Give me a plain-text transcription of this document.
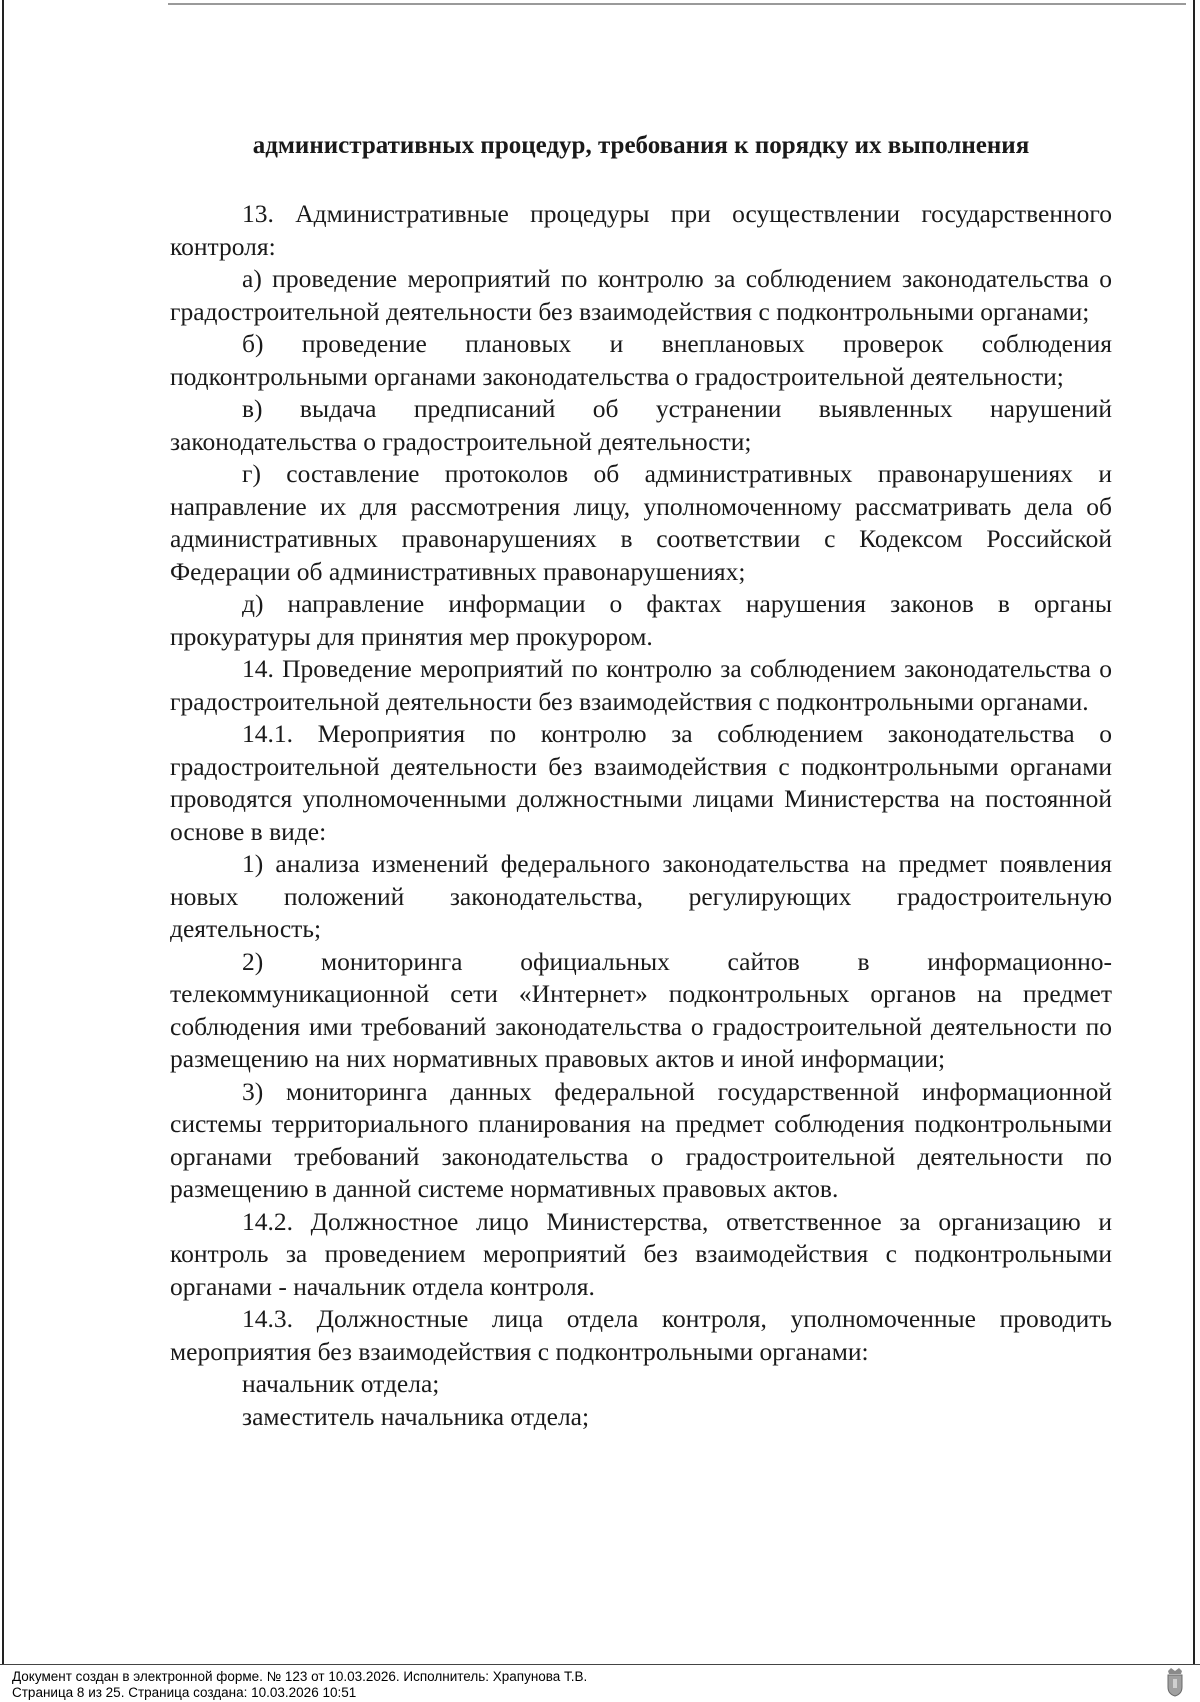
административных процедур, требования к порядку их выполнения

13. Административные процедуры при осуществлении государственного контроля:

а) проведение мероприятий по контролю за соблюдением законодательства о градостроительной деятельности без взаимодействия с подконтрольными органами;

б) проведение плановых и внеплановых проверок соблюдения подконтрольными органами законодательства о градостроительной деятельности;

в) выдача предписаний об устранении выявленных нарушений законодательства о градостроительной деятельности;

г) составление протоколов об административных правонарушениях и направление их для рассмотрения лицу, уполномоченному рассматривать дела об административных правонарушениях в соответствии с Кодексом Российской Федерации об административных правонарушениях;

д) направление информации о фактах нарушения законов в органы прокуратуры для принятия мер прокурором.

14. Проведение мероприятий по контролю за соблюдением законодательства о градостроительной деятельности без взаимодействия с подконтрольными органами.

14.1. Мероприятия по контролю за соблюдением законодательства о градостроительной деятельности без взаимодействия с подконтрольными органами проводятся уполномоченными должностными лицами Министерства на постоянной основе в виде:

1) анализа изменений федерального законодательства на предмет появления новых положений законодательства, регулирующих градостроительную деятельность;

2) мониторинга официальных сайтов в информационно-телекоммуникационной сети «Интернет» подконтрольных органов на предмет соблюдения ими требований законодательства о градостроительной деятельности по размещению на них нормативных правовых актов и иной информации;

3) мониторинга данных федеральной государственной информационной системы территориального планирования на предмет соблюдения подконтрольными органами требований законодательства о градостроительной деятельности по размещению в данной системе нормативных правовых актов.

14.2. Должностное лицо Министерства, ответственное за организацию и контроль за проведением мероприятий без взаимодействия с подконтрольными органами - начальник отдела контроля.

14.3. Должностные лица отдела контроля, уполномоченные проводить мероприятия без взаимодействия с подконтрольными органами:

начальник отдела;

заместитель начальника отдела;

Документ создан в электронной форме. № 123 от 10.03.2026. Исполнитель: Храпунова Т.В.
Страница 8 из 25. Страница создана: 10.03.2026 10:51
